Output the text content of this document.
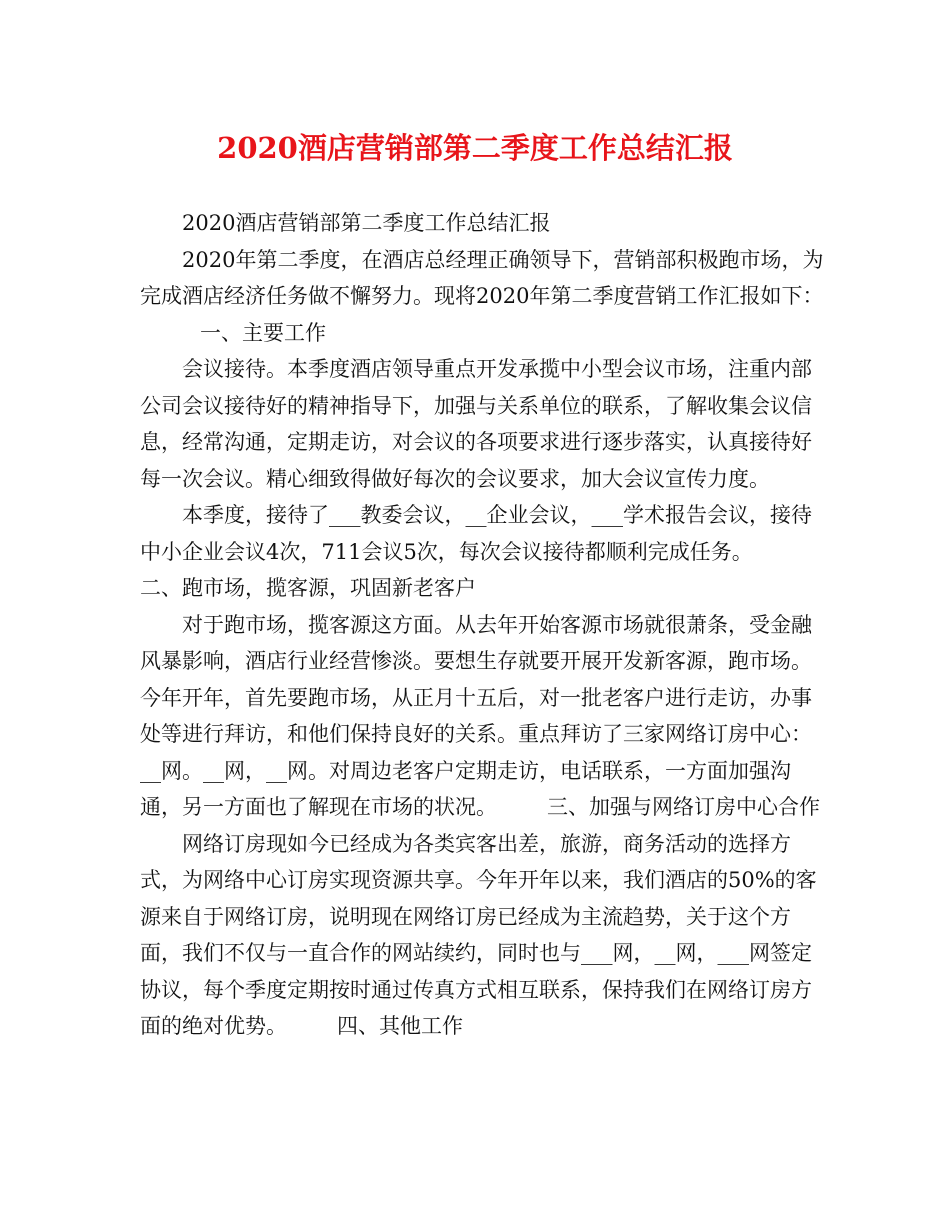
2020酒店营销部第二季度工作总结汇报

2020酒店营销部第二季度工作总结汇报

2020年第二季度，在酒店总经理正确领导下，营销部积极跑市场，为完成酒店经济任务做不懈努力。现将2020年第二季度营销工作汇报如下：一、主要工作

会议接待。本季度酒店领导重点开发承揽中小型会议市场，注重内部公司会议接待好的精神指导下，加强与关系单位的联系，了解收集会议信息，经常沟通，定期走访，对会议的各项要求进行逐步落实，认真接待好每一次会议。精心细致得做好每次的会议要求，加大会议宣传力度。

本季度，接待了___教委会议，__企业会议，___学术报告会议，接待中小企业会议4次，711会议5次，每次会议接待都顺利完成任务。

二、跑市场，揽客源，巩固新老客户

对于跑市场，揽客源这方面。从去年开始客源市场就很萧条，受金融风暴影响，酒店行业经营惨淡。要想生存就要开展开发新客源，跑市场。今年开年，首先要跑市场，从正月十五后，对一批老客户进行走访，办事处等进行拜访，和他们保持良好的关系。重点拜访了三家网络订房中心：__网。__网，__网。对周边老客户定期走访，电话联系，一方面加强沟通，另一方面也了解现在市场的状况。 三、加强与网络订房中心合作

网络订房现如今已经成为各类宾客出差，旅游，商务活动的选择方式，为网络中心订房实现资源共享。今年开年以来，我们酒店的50%的客源来自于网络订房，说明现在网络订房已经成为主流趋势，关于这个方面，我们不仅与一直合作的网站续约，同时也与___网，__网，___网签定协议，每个季度定期按时通过传真方式相互联系，保持我们在网络订房方面的绝对优势。 四、其他工作
